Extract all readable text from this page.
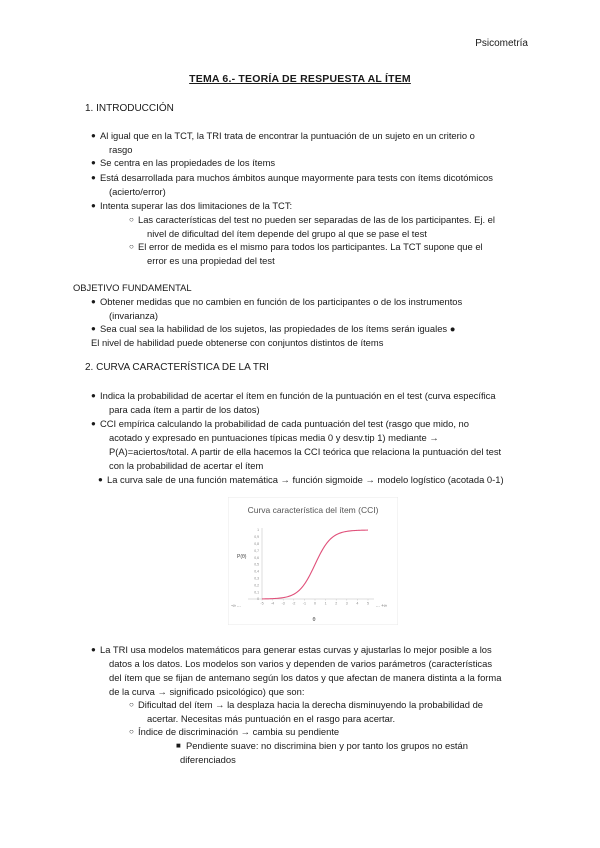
Psicometría
TEMA 6.- TEORÍA DE RESPUESTA AL ÍTEM
1. INTRODUCCIÓN
● Al igual que en la TCT, la TRI trata de encontrar la puntuación de un sujeto en un criterio o
rasgo
● Se centra en las propiedades de los ítems
● Está desarrollada para muchos ámbitos aunque mayormente para tests con ítems dicotómicos
(acierto/error)
● Intenta superar las dos limitaciones de la TCT:
○ Las características del test no pueden ser separadas de las de los participantes. Ej. el
nivel de dificultad del ítem depende del grupo al que se pase el test
○ El error de medida es el mismo para todos los participantes. La TCT supone que el
error es una propiedad del test
OBJETIVO FUNDAMENTAL
● Obtener medidas que no cambien en función de los participantes o de los instrumentos
(invarianza)
● Sea cual sea la habilidad de los sujetos, las propiedades de los ítems serán iguales ●
El nivel de habilidad puede obtenerse con conjuntos distintos de ítems
2. CURVA CARACTERÍSTICA DE LA TRI
● Indica la probabilidad de acertar el ítem en función de la puntuación en el test (curva específica
para cada ítem a partir de los datos)
● CCI empírica calculando la probabilidad de cada puntuación del test (rasgo que mido, no
acotado y expresado en puntuaciones típicas media 0 y desv.tip 1) mediante →
P(A)=aciertos/total. A partir de ella hacemos la CCI teórica que relaciona la puntuación del test
con la probabilidad de acertar el ítem
● La curva sale de una función matemática → función sigmoide → modelo logístico (acotada 0-1)
Curva característica del ítem (CCI)
P(θ)
θ
-∞ ...	... +∞
0
0,1
0,2
0,3
0,4
0,5
0,6
0,7
0,8
0,9
1
-5 -4 -3 -2 -1 0 1 2 3 4 5
● La TRI usa modelos matemáticos para generar estas curvas y ajustarlas lo mejor posible a los
datos a los datos. Los modelos son varios y dependen de varios parámetros (características
del ítem que se fijan de antemano según los datos y que afectan de manera distinta a la forma
de la curva → significado psicológico) que son:
○ Dificultad del ítem → la desplaza hacia la derecha disminuyendo la probabilidad de
acertar. Necesitas más puntuación en el rasgo para acertar.
○ Índice de discriminación → cambia su pendiente
■ Pendiente suave: no discrimina bien y por tanto los grupos no están
diferenciados
